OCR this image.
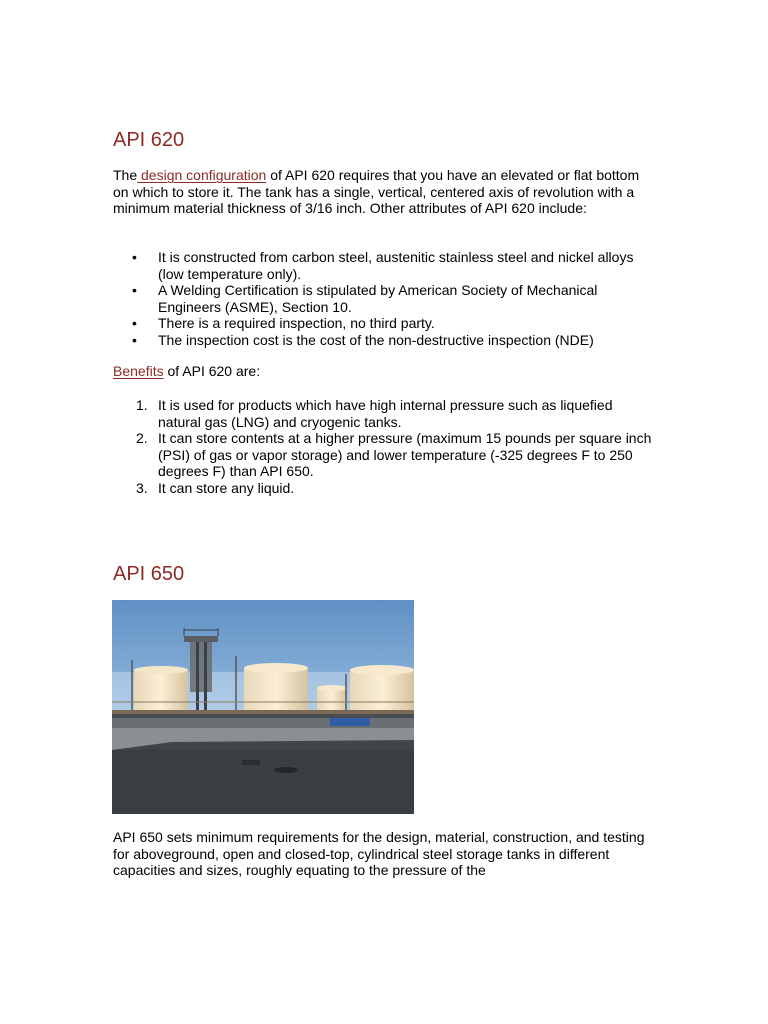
API 620

The design configuration of API 620 requires that you have an elevated or flat bottom on which to store it. The tank has a single, vertical, centered axis of revolution with a minimum material thickness of 3/16 inch. Other attributes of API 620 include:

• It is constructed from carbon steel, austenitic stainless steel and nickel alloys (low temperature only).
• A Welding Certification is stipulated by American Society of Mechanical Engineers (ASME), Section 10.
• There is a required inspection, no third party.
• The inspection cost is the cost of the non-destructive inspection (NDE)

Benefits of API 620 are:

1. It is used for products which have high internal pressure such as liquefied natural gas (LNG) and cryogenic tanks.
2. It can store contents at a higher pressure (maximum 15 pounds per square inch (PSI) of gas or vapor storage) and lower temperature (-325 degrees F to 250 degrees F) than API 650.
3. It can store any liquid.
API 650

API 650 sets minimum requirements for the design, material, construction, and testing for aboveground, open and closed-top, cylindrical steel storage tanks in different capacities and sizes, roughly equating to the pressure of the
